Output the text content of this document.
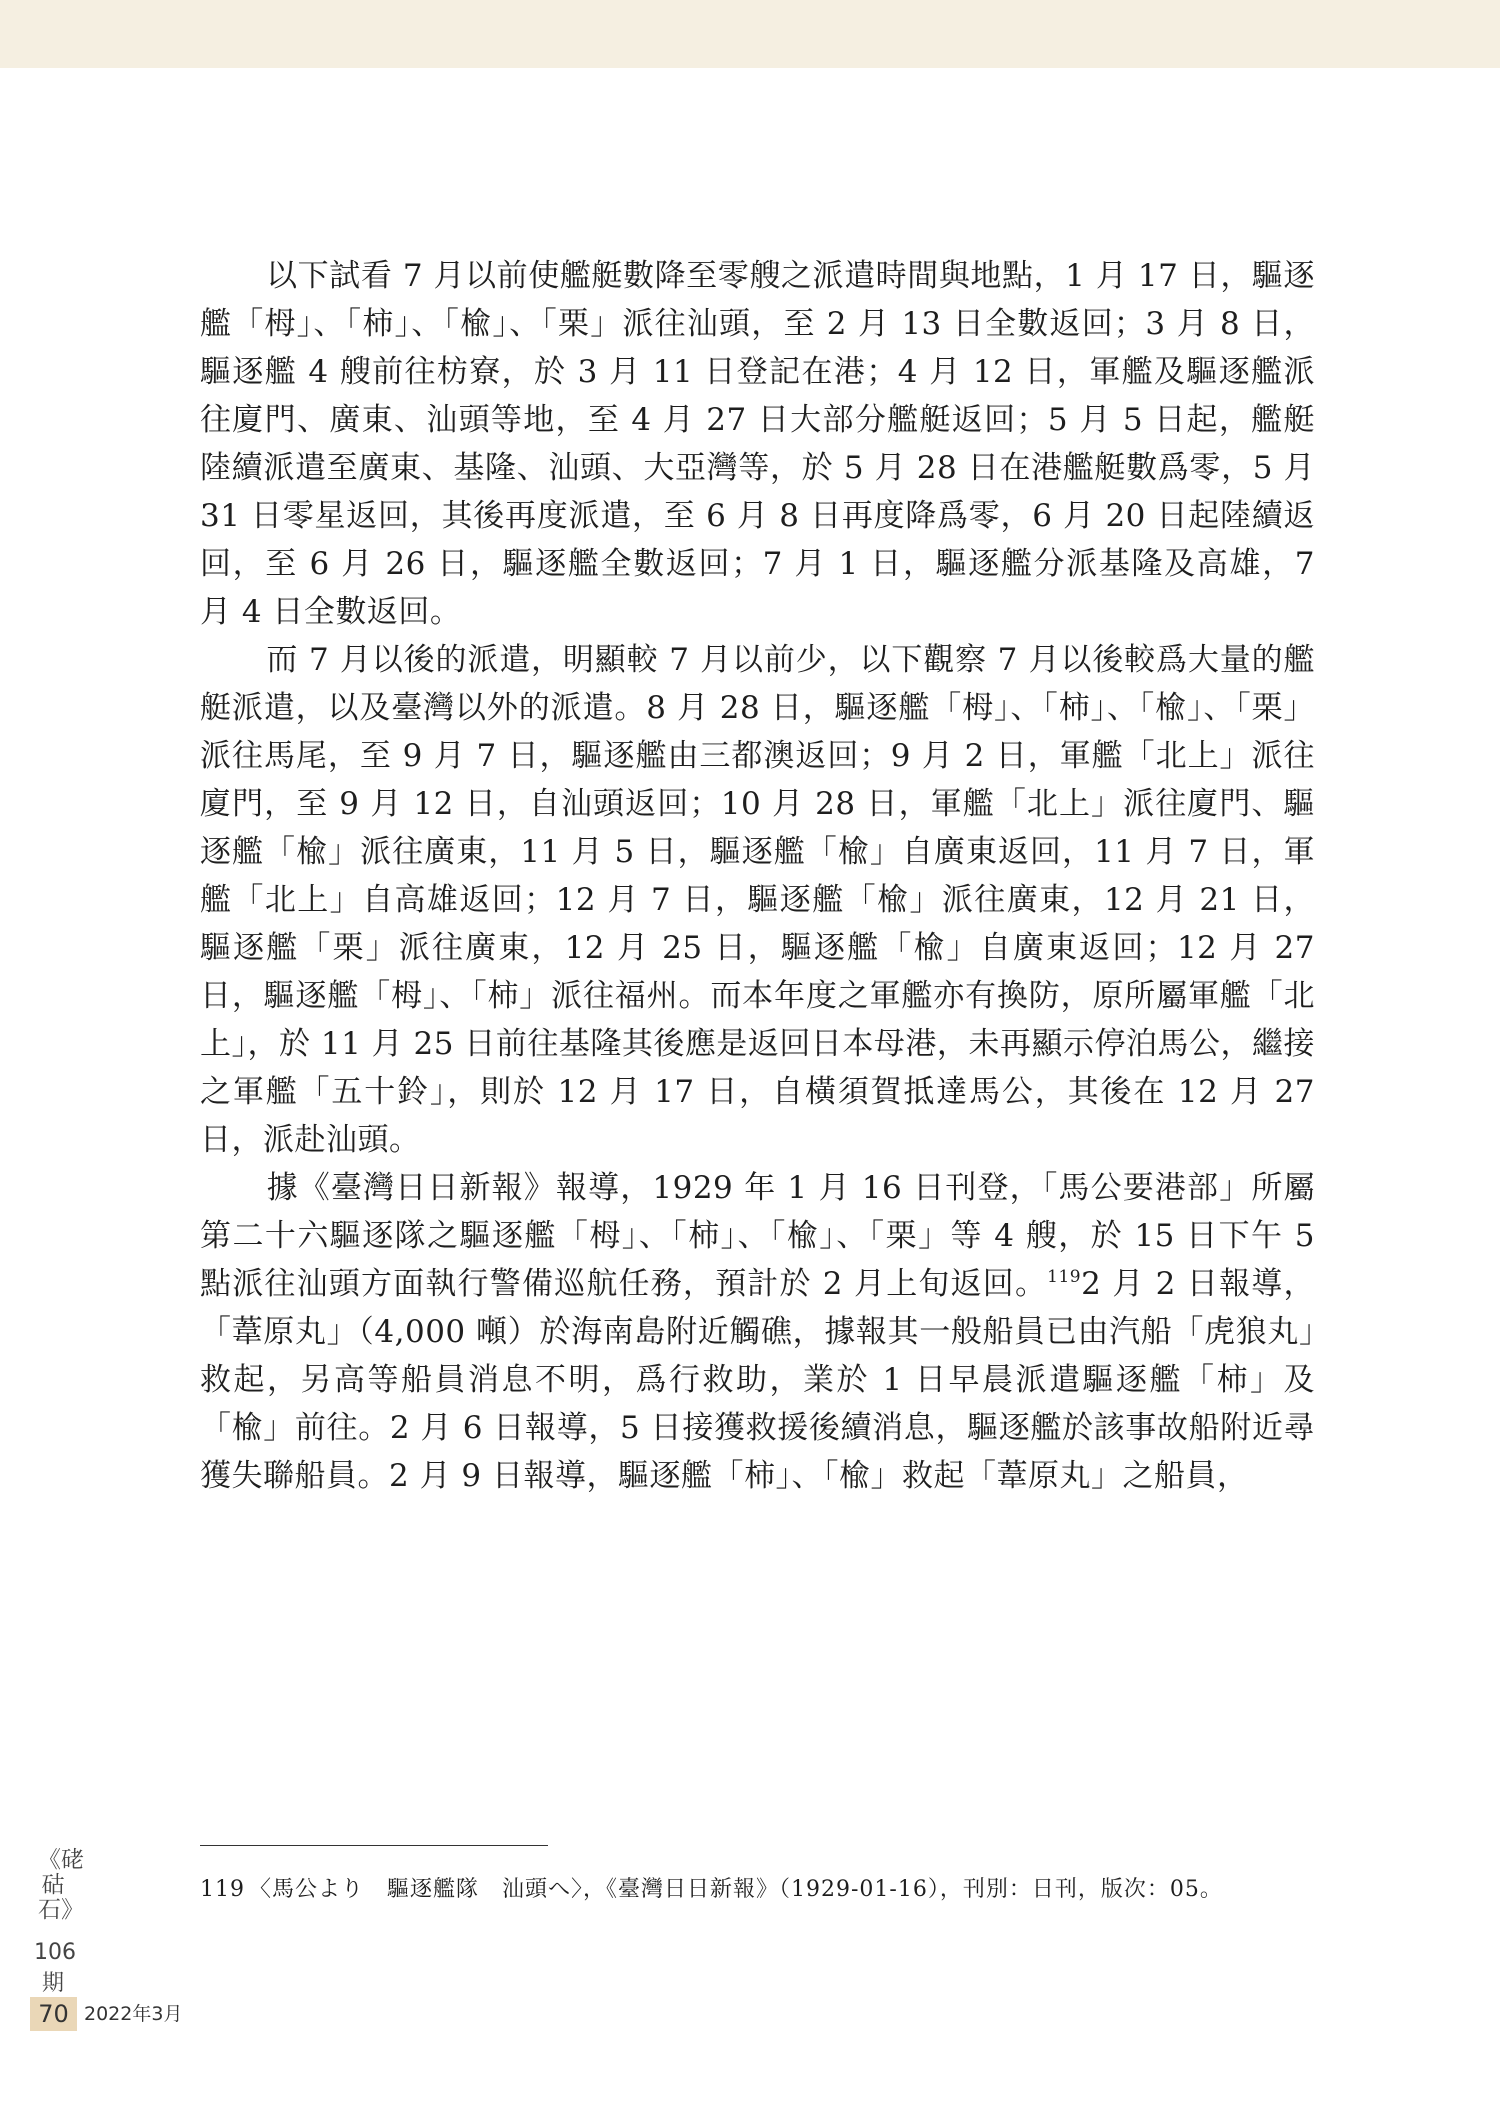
以下試看 7 月以前使艦艇數降至零艘之派遣時間與地點，1 月 17 日，驅逐艦「栂」、「柿」、「楡」、「栗」派往汕頭，至 2 月 13 日全數返回；3 月 8 日，驅逐艦 4 艘前往枋寮，於 3 月 11 日登記在港；4 月 12 日，軍艦及驅逐艦派往廈門、廣東、汕頭等地，至 4 月 27 日大部分艦艇返回；5 月 5 日起，艦艇陸續派遣至廣東、基隆、汕頭、大亞灣等，於 5 月 28 日在港艦艇數爲零，5 月 31 日零星返回，其後再度派遣，至 6 月 8 日再度降爲零，6 月 20 日起陸續返回，至 6 月 26 日，驅逐艦全數返回；7 月 1 日，驅逐艦分派基隆及高雄，7 月 4 日全數返回。

而 7 月以後的派遣，明顯較 7 月以前少，以下觀察 7 月以後較爲大量的艦艇派遣，以及臺灣以外的派遣。8 月 28 日，驅逐艦「栂」、「柿」、「楡」、「栗」派往馬尾，至 9 月 7 日，驅逐艦由三都澳返回；9 月 2 日，軍艦「北上」派往廈門，至 9 月 12 日，自汕頭返回；10 月 28 日，軍艦「北上」派往廈門、驅逐艦「楡」派往廣東，11 月 5 日，驅逐艦「楡」自廣東返回，11 月 7 日，軍艦「北上」自高雄返回；12 月 7 日，驅逐艦「楡」派往廣東，12 月 21 日，驅逐艦「栗」派往廣東，12 月 25 日，驅逐艦「楡」自廣東返回；12 月 27 日，驅逐艦「栂」、「柿」派往福州。而本年度之軍艦亦有換防，原所屬軍艦「北上」，於 11 月 25 日前往基隆其後應是返回日本母港，未再顯示停泊馬公，繼接之軍艦「五十鈴」，則於 12 月 17 日，自橫須賀抵達馬公，其後在 12 月 27 日，派赴汕頭。

據《臺灣日日新報》報導，1929 年 1 月 16 日刊登，「馬公要港部」所屬第二十六驅逐隊之驅逐艦「栂」、「柿」、「楡」、「栗」等 4 艘，於 15 日下午 5 點派往汕頭方面執行警備巡航任務，預計於 2 月上旬返回。$^{119}$2 月 2 日報導，「葦原丸」（4,000 噸）於海南島附近觸礁，據報其一般船員已由汽船「虎狼丸」救起，另高等船員消息不明，爲行救助，業於 1 日早晨派遣驅逐艦「柿」及「楡」前往。2 月 6 日報導，5 日接獲救援後續消息，驅逐艦於該事故船附近尋獲失聯船員。2 月 9 日報導，驅逐艦「柿」、「楡」救起「葦原丸」之船員，

119 〈馬公より　驅逐艦隊　汕頭へ〉，《臺灣日日新報》（1929-01-16），刊別：日刊，版次：05。
《硓𥑮石》
106
期
70 2022年3月
